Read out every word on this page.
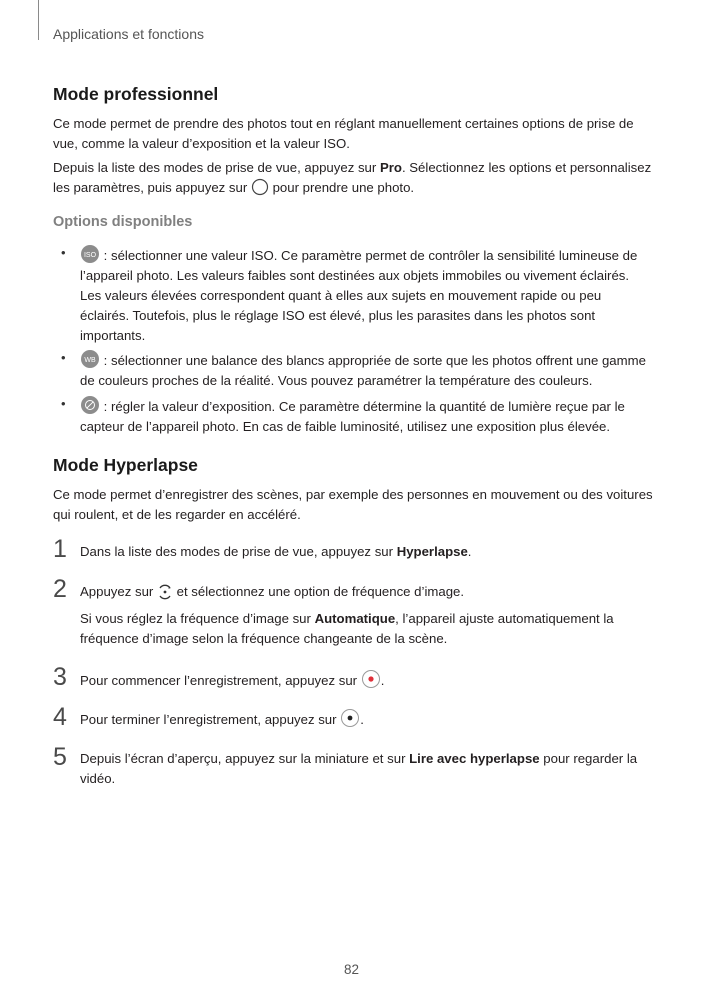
Applications et fonctions
Mode professionnel

Ce mode permet de prendre des photos tout en réglant manuellement certaines options de prise de vue, comme la valeur d’exposition et la valeur ISO.

Depuis la liste des modes de prise de vue, appuyez sur Pro. Sélectionnez les options et personnalisez les paramètres, puis appuyez sur  pour prendre une photo.

Options disponibles
•	ISO : sélectionner une valeur ISO. Ce paramètre permet de contrôler la sensibilité lumineuse de l’appareil photo. Les valeurs faibles sont destinées aux objets immobiles ou vivement éclairés. Les valeurs élevées correspondent quant à elles aux sujets en mouvement rapide ou peu éclairés. Toutefois, plus le réglage ISO est élevé, plus les parasites dans les photos sont importants.
•	WB : sélectionner une balance des blancs appropriée de sorte que les photos offrent une gamme de couleurs proches de la réalité. Vous pouvez paramétrer la température des couleurs.
•	: régler la valeur d’exposition. Ce paramètre détermine la quantité de lumière reçue par le capteur de l’appareil photo. En cas de faible luminosité, utilisez une exposition plus élevée.
Mode Hyperlapse
Ce mode permet d’enregistrer des scènes, par exemple des personnes en mouvement ou des voitures qui roulent, et de les regarder en accéléré.
1 Dans la liste des modes de prise de vue, appuyez sur Hyperlapse.
2 Appuyez sur  et sélectionnez une option de fréquence d’image.
Si vous réglez la fréquence d’image sur Automatique, l’appareil ajuste automatiquement la fréquence d’image selon la fréquence changeante de la scène.
3 Pour commencer l’enregistrement, appuyez sur .
4 Pour terminer l’enregistrement, appuyez sur .
5 Depuis l’écran d’aperçu, appuyez sur la miniature et sur Lire avec hyperlapse pour regarder la vidéo.
82
